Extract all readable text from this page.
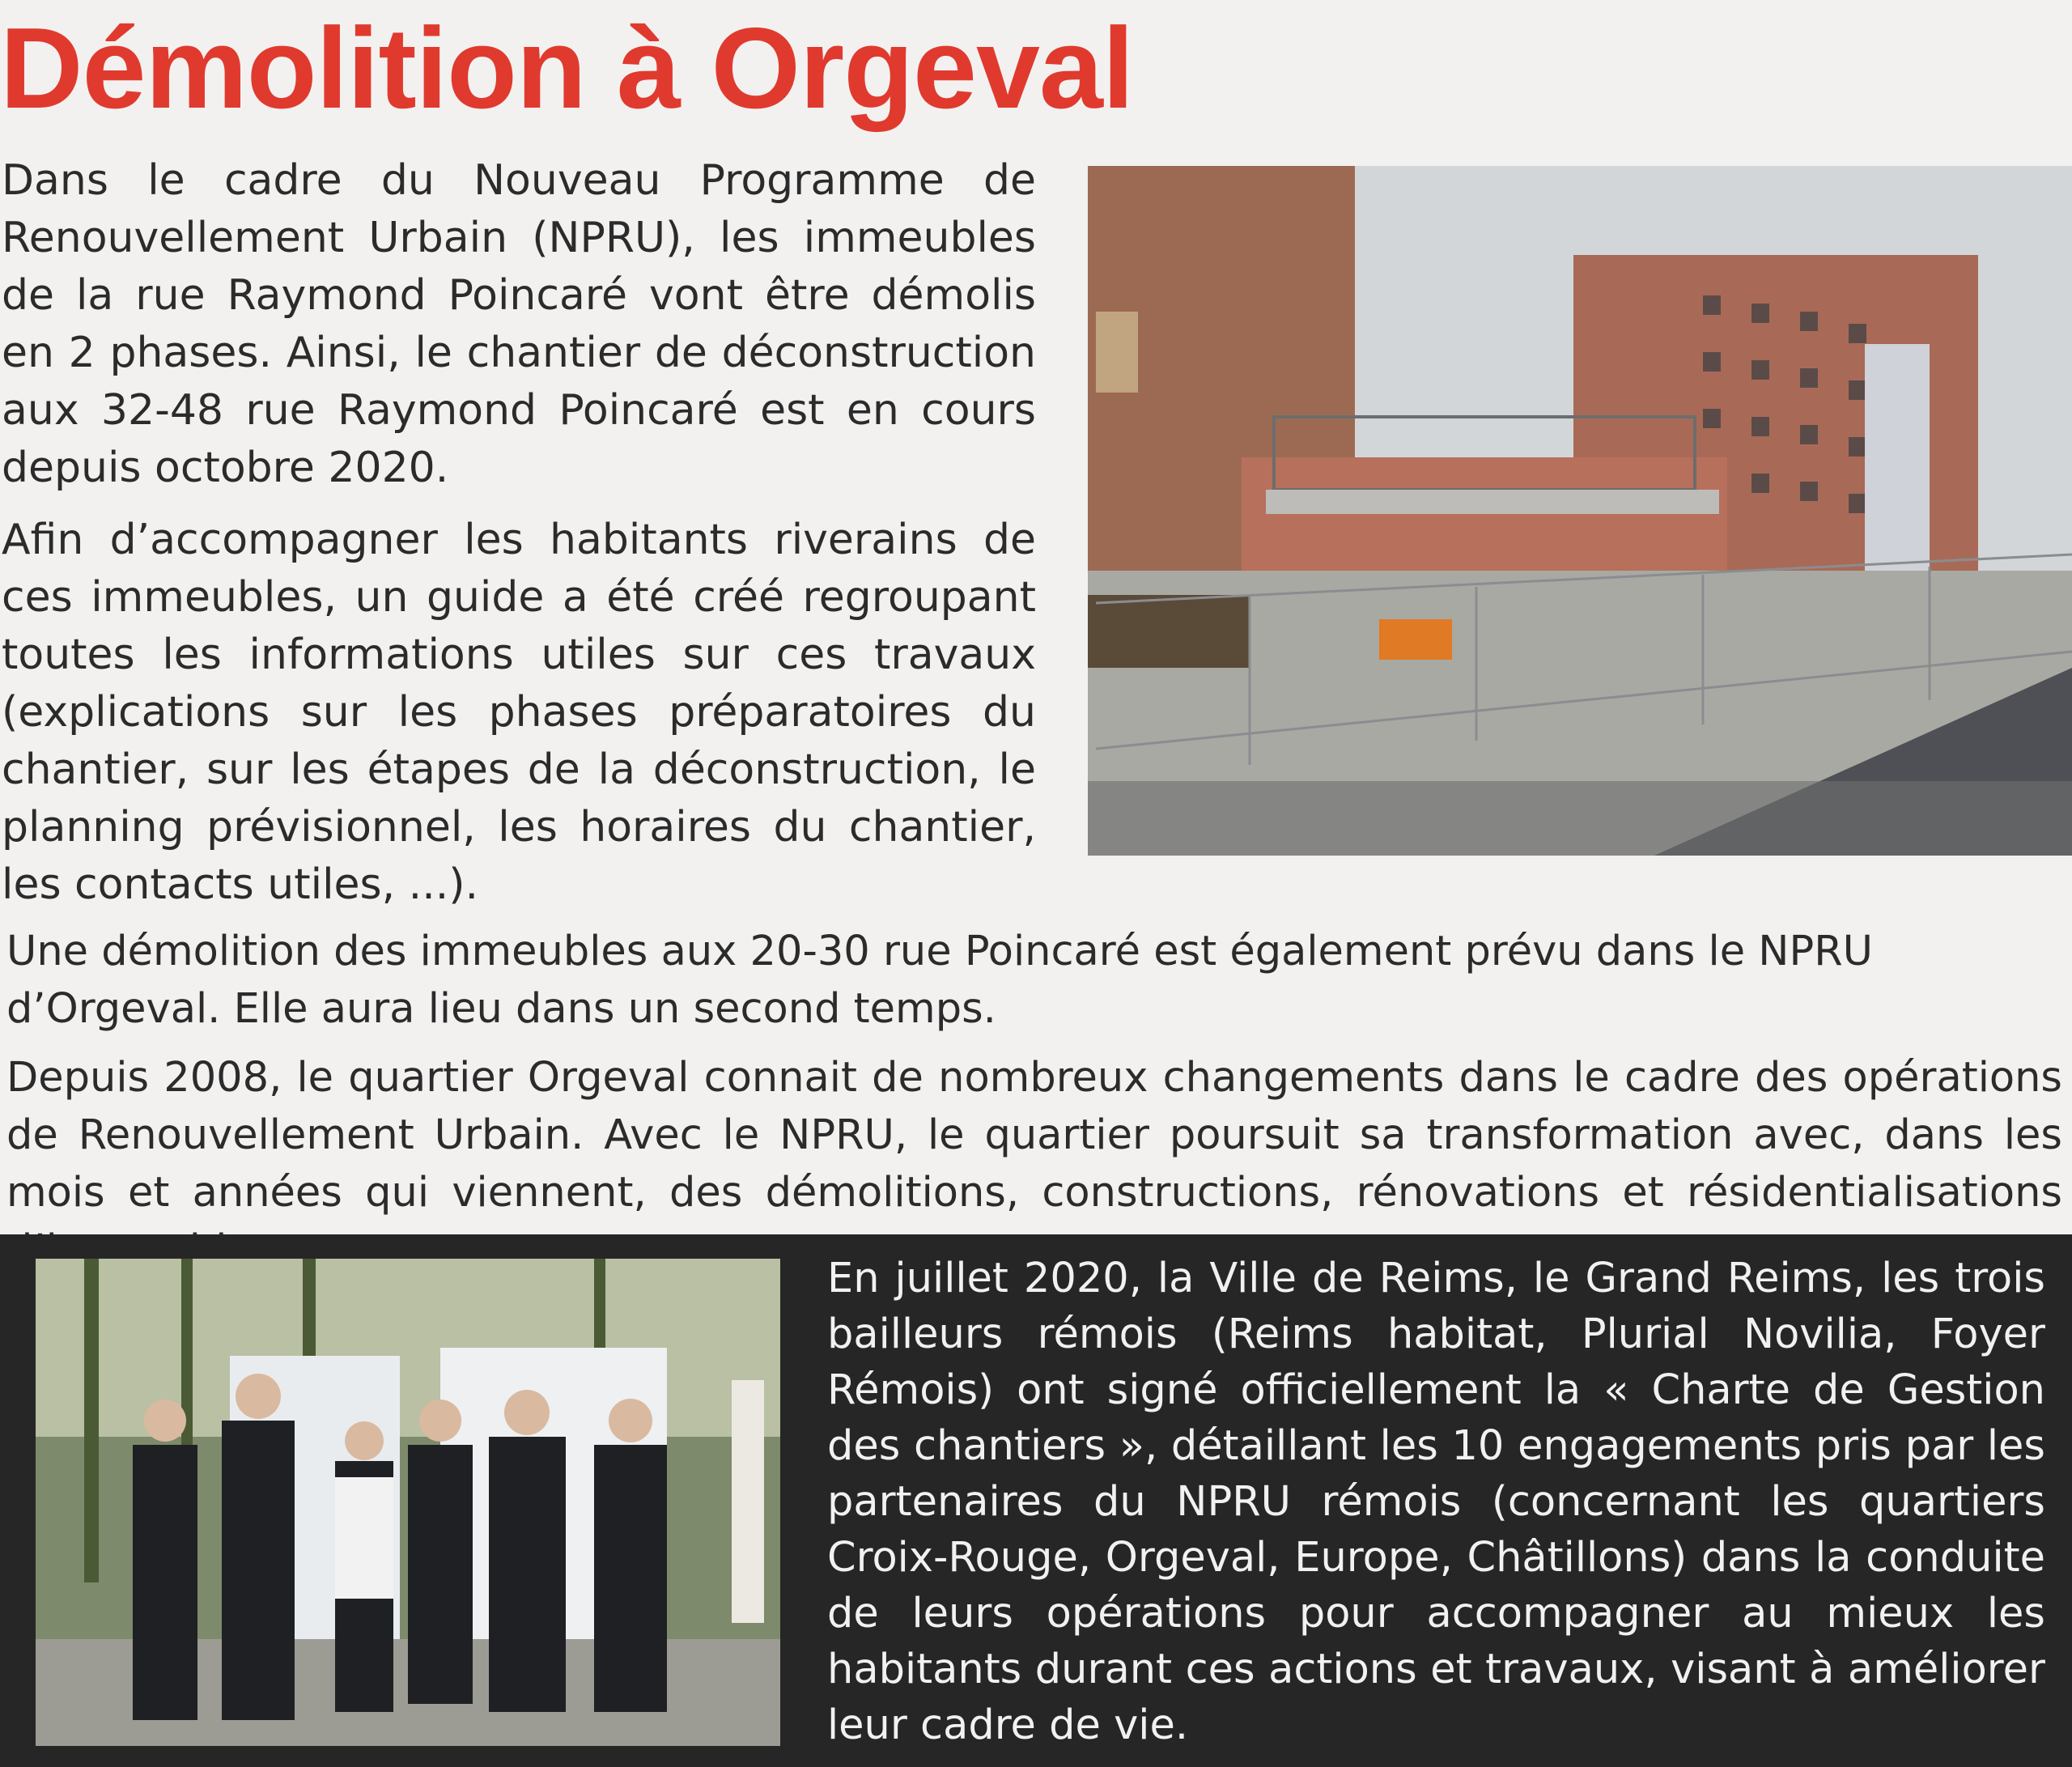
Démolition à Orgeval

Dans le cadre du Nouveau Programme de Renouvellement Urbain (NPRU), les immeubles de la rue Raymond Poincaré vont être démolis en 2 phases. Ainsi, le chantier de déconstruction aux 32-48 rue Raymond Poincaré est en cours depuis octobre 2020.

Afin d’accompagner les habitants riverains de ces immeubles, un guide a été créé regroupant toutes les informations utiles sur ces travaux (explications sur les phases préparatoires du chantier, sur les étapes de la déconstruction, le planning prévisionnel, les horaires du chantier, les contacts utiles, ...).

Une démolition des immeubles aux 20-30 rue Poincaré est également prévu dans le NPRU d’Orgeval. Elle aura lieu dans un second temps.

Depuis 2008, le quartier Orgeval connait de nombreux changements dans le cadre des opérations de Renouvellement Urbain. Avec le NPRU, le quartier poursuit sa transformation avec, dans les mois et années qui viennent, des démolitions, constructions, rénovations et résidentialisations

En juillet 2020, la Ville de Reims, le Grand Reims, les trois bailleurs rémois (Reims habitat, Plurial Novilia, Foyer Rémois) ont signé officiellement la « Charte de Gestion des chantiers », détaillant les 10 engagements pris par les partenaires du NPRU rémois (concernant les quartiers Croix-Rouge, Orgeval, Europe, Châtillons) dans la conduite de leurs opérations pour accompagner au mieux les habitants durant ces actions et travaux, visant à améliorer leur cadre de vie.
